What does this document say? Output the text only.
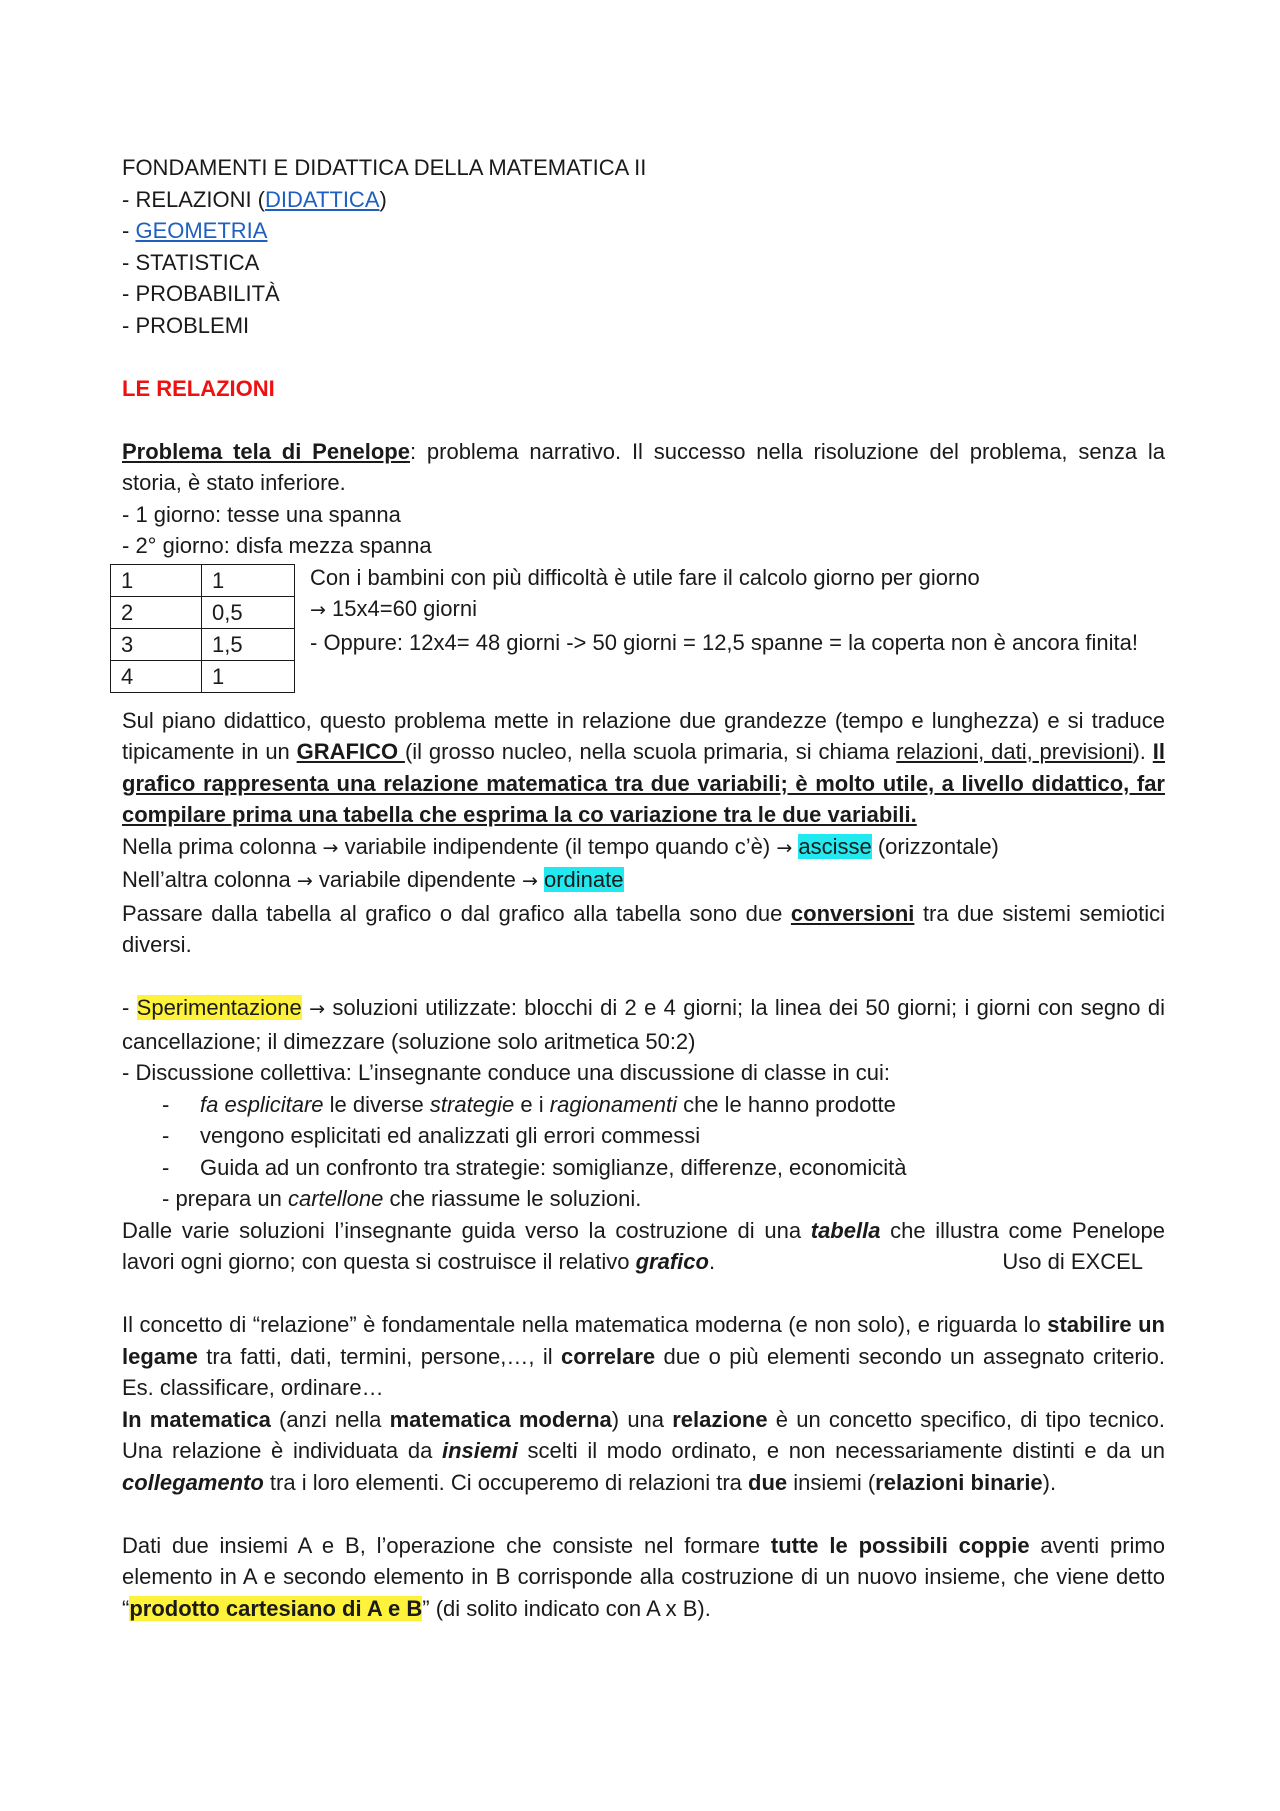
FONDAMENTI E DIDATTICA DELLA MATEMATICA II

- RELAZIONI (DIDATTICA)

- GEOMETRIA

- STATISTICA

- PROBABILITÀ

- PROBLEMI

LE RELAZIONI

Problema tela di Penelope: problema narrativo. Il successo nella risoluzione del problema, senza la storia, è stato inferiore.

- 1 giorno: tesse una spanna

- 2° giorno: disfa mezza spanna

1	1
2	0,5
3	1,5
4	1

Con i bambini con più difficoltà è utile fare il calcolo giorno per giorno

→ 15x4=60 giorni

- Oppure: 12x4= 48 giorni -> 50 giorni = 12,5 spanne = la coperta non è ancora finita!

Sul piano didattico, questo problema mette in relazione due grandezze (tempo e lunghezza) e si traduce tipicamente in un GRAFICO (il grosso nucleo, nella scuola primaria, si chiama relazioni, dati, previsioni). Il grafico rappresenta una relazione matematica tra due variabili; è molto utile, a livello didattico, far compilare prima una tabella che esprima la co variazione tra le due variabili.

Nella prima colonna → variabile indipendente (il tempo quando c’è) → ascisse (orizzontale)

Nell’altra colonna → variabile dipendente → ordinate

Passare dalla tabella al grafico o dal grafico alla tabella sono due conversioni tra due sistemi semiotici diversi.

- Sperimentazione → soluzioni utilizzate: blocchi di 2 e 4 giorni; la linea dei 50 giorni; i giorni con segno di cancellazione; il dimezzare (soluzione solo aritmetica 50:2)

- Discussione collettiva: L’insegnante conduce una discussione di classe in cui:

-	fa esplicitare le diverse strategie e i ragionamenti che le hanno prodotte
-	vengono esplicitati ed analizzati gli errori commessi
-	Guida ad un confronto tra strategie: somiglianze, differenze, economicità

- prepara un cartellone che riassume le soluzioni.

Dalle varie soluzioni l’insegnante guida verso la costruzione di una tabella che illustra come Penelope lavori ogni giorno; con questa si costruisce il relativo grafico.	Uso di EXCEL

Il concetto di “relazione” è fondamentale nella matematica moderna (e non solo), e riguarda lo stabilire un legame tra fatti, dati, termini, persone,…, il correlare due o più elementi secondo un assegnato criterio. Es. classificare, ordinare…

In matematica (anzi nella matematica moderna) una relazione è un concetto specifico, di tipo tecnico. Una relazione è individuata da insiemi scelti il modo ordinato, e non necessariamente distinti e da un collegamento tra i loro elementi. Ci occuperemo di relazioni tra due insiemi (relazioni binarie).

Dati due insiemi A e B, l’operazione che consiste nel formare tutte le possibili coppie aventi primo elemento in A e secondo elemento in B corrisponde alla costruzione di un nuovo insieme, che viene detto “prodotto cartesiano di A e B” (di solito indicato con A x B).
